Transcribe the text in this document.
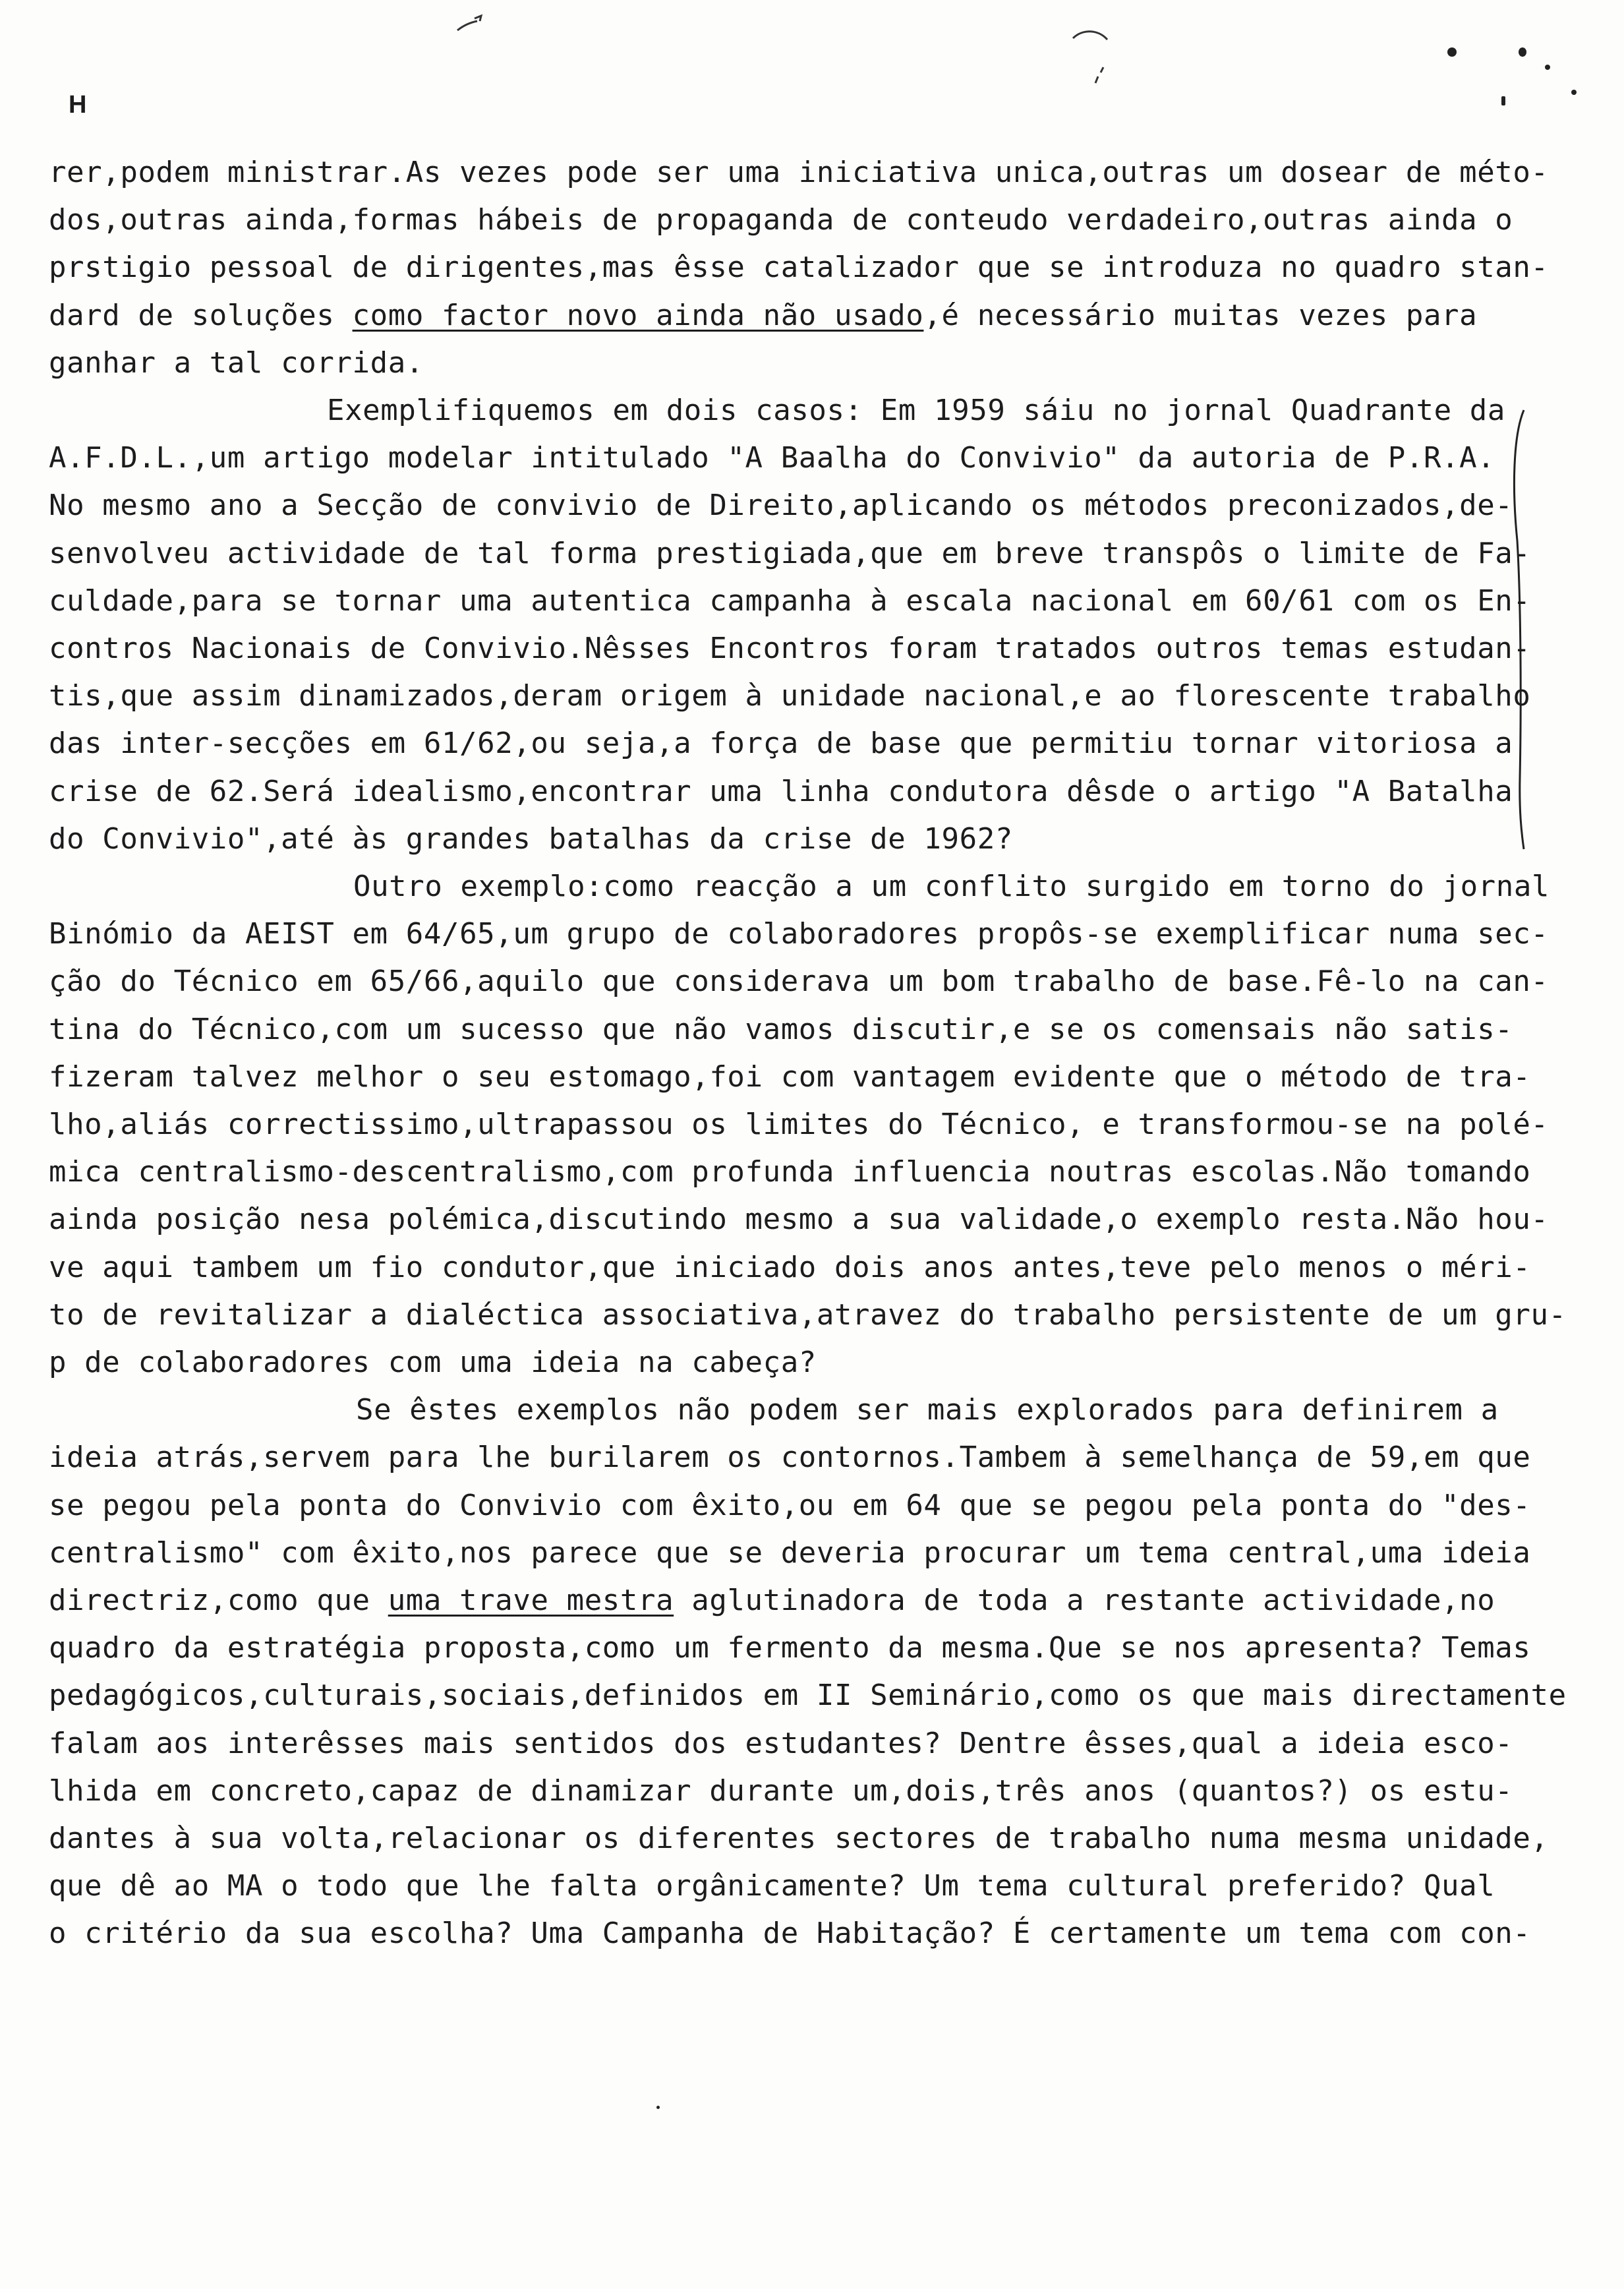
H
rer,podem ministrar.As vezes pode ser uma iniciativa unica,outras um dosear de méto-
dos,outras ainda,formas hábeis de propaganda de conteudo verdadeiro,outras ainda o
prstigio pessoal de dirigentes,mas êsse catalizador que se introduza no quadro stan-
dard de soluções como factor novo ainda não usado,é necessário muitas vezes para
ganhar a tal corrida.
Exemplifiquemos em dois casos: Em 1959 sáiu no jornal Quadrante da
A.F.D.L.,um artigo modelar intitulado "A Baalha do Convivio" da autoria de P.R.A.
No mesmo ano a Secção de convivio de Direito,aplicando os métodos preconizados,de-
senvolveu actividade de tal forma prestigiada,que em breve transpôs o limite de Fa-
culdade,para se tornar uma autentica campanha à escala nacional em 60/61 com os En-
contros Nacionais de Convivio.Nêsses Encontros foram tratados outros temas estudan-
tis,que assim dinamizados,deram origem à unidade nacional,e ao florescente trabalho
das inter-secções em 61/62,ou seja,a força de base que permitiu tornar vitoriosa a
crise de 62.Será idealismo,encontrar uma linha condutora dêsde o artigo "A Batalha
do Convivio",até às grandes batalhas da crise de 1962?
Outro exemplo:como reacção a um conflito surgido em torno do jornal
Binómio da AEIST em 64/65,um grupo de colaboradores propôs-se exemplificar numa sec-
ção do Técnico em 65/66,aquilo que considerava um bom trabalho de base.Fê-lo na can-
tina do Técnico,com um sucesso que não vamos discutir,e se os comensais não satis-
fizeram talvez melhor o seu estomago,foi com vantagem evidente que o método de tra-
lho,aliás correctissimo,ultrapassou os limites do Técnico, e transformou-se na polé-
mica centralismo-descentralismo,com profunda influencia noutras escolas.Não tomando
ainda posição nesa polémica,discutindo mesmo a sua validade,o exemplo resta.Não hou-
ve aqui tambem um fio condutor,que iniciado dois anos antes,teve pelo menos o méri-
to de revitalizar a dialéctica associativa,atravez do trabalho persistente de um gru-
p de colaboradores com uma ideia na cabeça?
Se êstes exemplos não podem ser mais explorados para definirem a
ideia atrás,servem para lhe burilarem os contornos.Tambem à semelhança de 59,em que
se pegou pela ponta do Convivio com êxito,ou em 64 que se pegou pela ponta do "des-
centralismo" com êxito,nos parece que se deveria procurar um tema central,uma ideia
directriz,como que uma trave mestra aglutinadora de toda a restante actividade,no
quadro da estratégia proposta,como um fermento da mesma.Que se nos apresenta? Temas
pedagógicos,culturais,sociais,definidos em II Seminário,como os que mais directamente
falam aos interêsses mais sentidos dos estudantes? Dentre êsses,qual a ideia esco-
lhida em concreto,capaz de dinamizar durante um,dois,três anos (quantos?) os estu-
dantes à sua volta,relacionar os diferentes sectores de trabalho numa mesma unidade,
que dê ao MA o todo que lhe falta orgânicamente? Um tema cultural preferido? Qual
o critério da sua escolha? Uma Campanha de Habitação? É certamente um tema com con-
